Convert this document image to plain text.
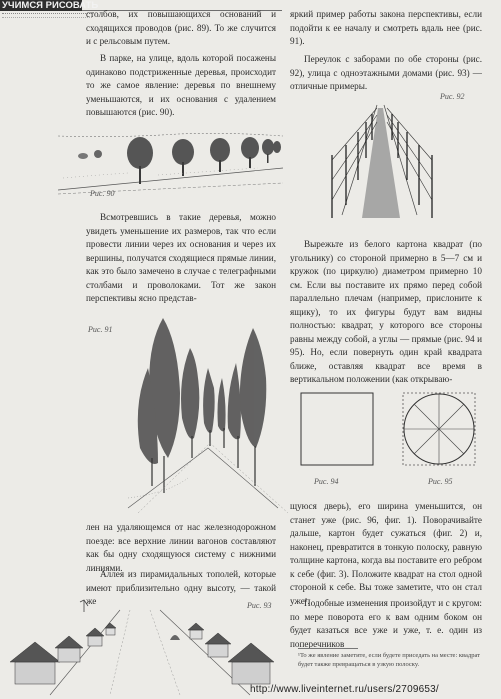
УЧИМСЯ РИСОВАТЬ

столбов, их повышающихся оснований и сходящихся проводов (рис. 89). То же случится и с рельсовым путем.

В парке, на улице, вдоль которой посажены одинаково подстриженные деревья, происходит то же самое явление: деревья по внешнему уменьшаются, и их основания с удалением повышаются (рис. 90).

Рис. 90

Всмотревшись в такие деревья, можно увидеть уменьшение их размеров, так что если провести линии через их основания и через их вершины, получатся сходящиеся прямые линии, как это было замечено в случае с телеграфными столбами и проволоками. Тот же закон перспективы ясно представ-

Рис. 91

лен на удаляющемся от нас железнодорожном поезде: все верхние линии вагонов составляют как бы одну сходящуюся систему с нижними линиями.

Аллея из пирамидальных тополей, которые имеют приблизительно одну высоту, — такой же	Рис. 93

яркий пример работы закона перспективы, если подойти к ее началу и смотреть вдаль нее (рис. 91).

Переулок с заборами по обе стороны (рис. 92), улица с одноэтажными домами (рис. 93) — отличные примеры.

Рис. 92

Вырежьте из белого картона квадрат (по угольнику) со стороной примерно в 5—7 см и кружок (по циркулю) диаметром примерно 10 см. Если вы поставите их прямо перед собой параллельно плечам (например, прислоните к ящику), то их фигуры будут вам видны полностью: квадрат, у которого все стороны равны между собой, а углы — прямые (рис. 94 и 95). Но, если повернуть один край квадрата ближе, оставляя квадрат все время в вертикальном положении (как открываю-

Рис. 94	Рис. 95

щуюся дверь), его ширина уменьшится, он станет уже (рис. 96, фиг. 1). Поворачивайте дальше, картон будет сужаться (фиг. 2) и, наконец, превратится в тонкую полоску, равную толщине картона, когда вы поставите его ребром к себе (фиг. 3). Положите квадрат на стол одной стороной к себе. Вы тоже заметите, что он стал уже¹.

Подобные изменения произойдут и с кругом: по мере поворота его к вам одним боком он будет казаться все уже и уже, т. е. один из поперечников

¹То же явление заметите, если будете приседать на месте: квадрат будет также превращаться в узкую полоску.
http://www.liveinternet.ru/users/2709653/
